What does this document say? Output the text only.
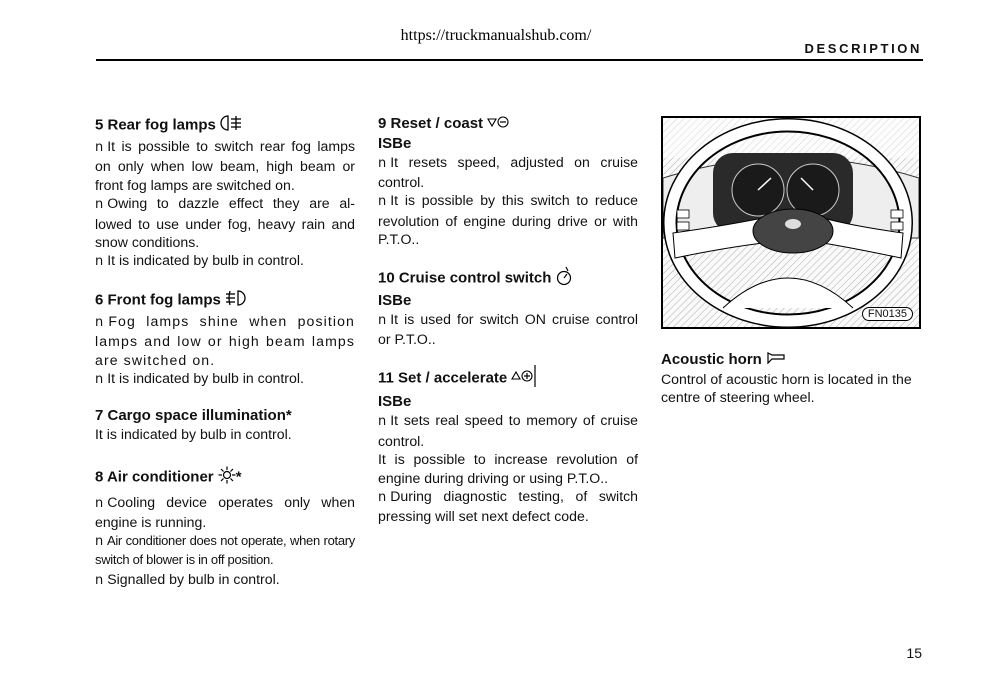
https://truckmanualshub.com/
DESCRIPTION
5 Rear fog lamps

n It is possible to switch rear fog lamps on only when low beam, high beam or front fog lamps are switched on.

n Owing to dazzle effect they are al-lowed to use under fog, heavy rain and snow conditions.

n It is indicated by bulb in control.

6 Front fog lamps

n Fog lamps shine when position lamps and low or high beam lamps are switched on.

n It is indicated by bulb in control.

7 Cargo space illumination*

It is indicated by bulb in control.

8 Air conditioner *

n Cooling device operates only when engine is running.

n Air conditioner does not operate, when rotary switch of blower is in off position.

n Signalled by bulb in control.

9 Reset / coast
ISBe

n It resets speed, adjusted on cruise control.

n It is possible by this switch to reduce revolution of engine during drive or with P.T.O..

10 Cruise control switch
ISBe

n It is used for switch ON cruise control or P.T.O..

11 Set / accelerate
ISBe

n It sets real speed to memory of cruise control.

It is possible to increase revolution of engine during driving or using P.T.O..

n During diagnostic testing, of switch pressing will set next defect code.

FN0135
Acoustic horn

Control of acoustic horn is located in the centre of steering wheel.

15
